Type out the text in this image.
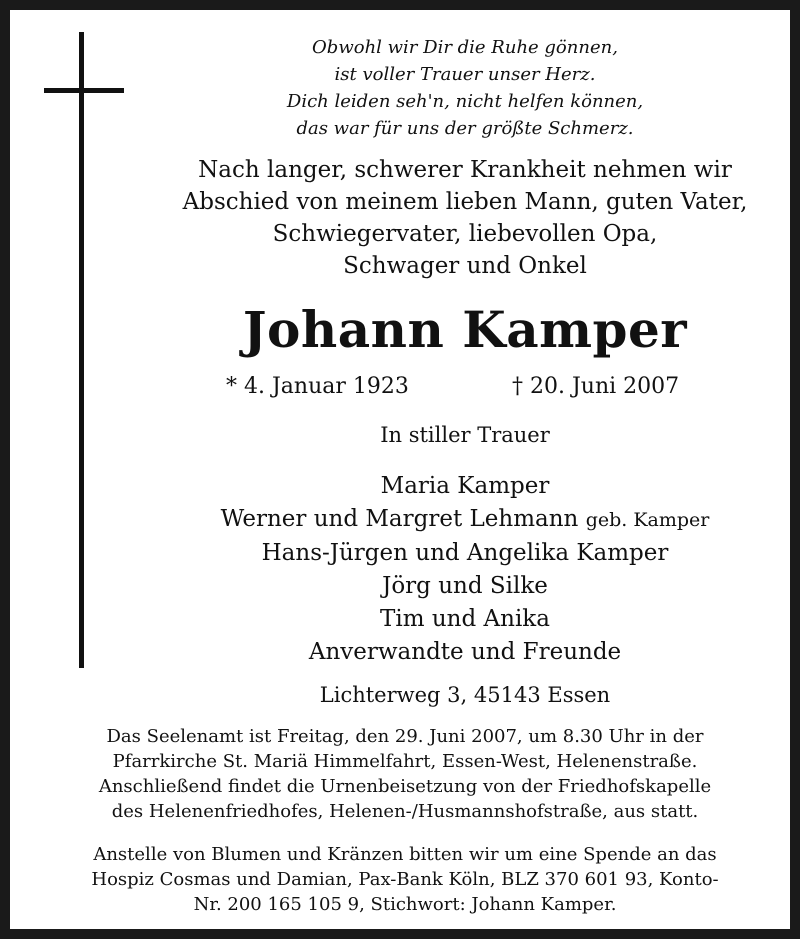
Obwohl wir Dir die Ruhe gönnen,
ist voller Trauer unser Herz.
Dich leiden seh'n, nicht helfen können,
das war für uns der größte Schmerz.
Nach langer, schwerer Krankheit nehmen wir
Abschied von meinem lieben Mann, guten Vater,
Schwiegervater, liebevollen Opa,
Schwager und Onkel
Johann Kamper
* 4. Januar 1923	† 20. Juni 2007
In stiller Trauer
Maria Kamper
Werner und Margret Lehmann geb. Kamper
Hans-Jürgen und Angelika Kamper
Jörg und Silke
Tim und Anika
Anverwandte und Freunde
Lichterweg 3, 45143 Essen
Das Seelenamt ist Freitag, den 29. Juni 2007, um 8.30 Uhr in der
Pfarrkirche St. Mariä Himmelfahrt, Essen-West, Helenenstraße.
Anschließend findet die Urnenbeisetzung von der Friedhofskapelle
des Helenenfriedhofes, Helenen-/Husmannshofstraße, aus statt.
Anstelle von Blumen und Kränzen bitten wir um eine Spende an das
Hospiz Cosmas und Damian, Pax-Bank Köln, BLZ 370 601 93, Konto-
Nr. 200 165 105 9, Stichwort: Johann Kamper.
